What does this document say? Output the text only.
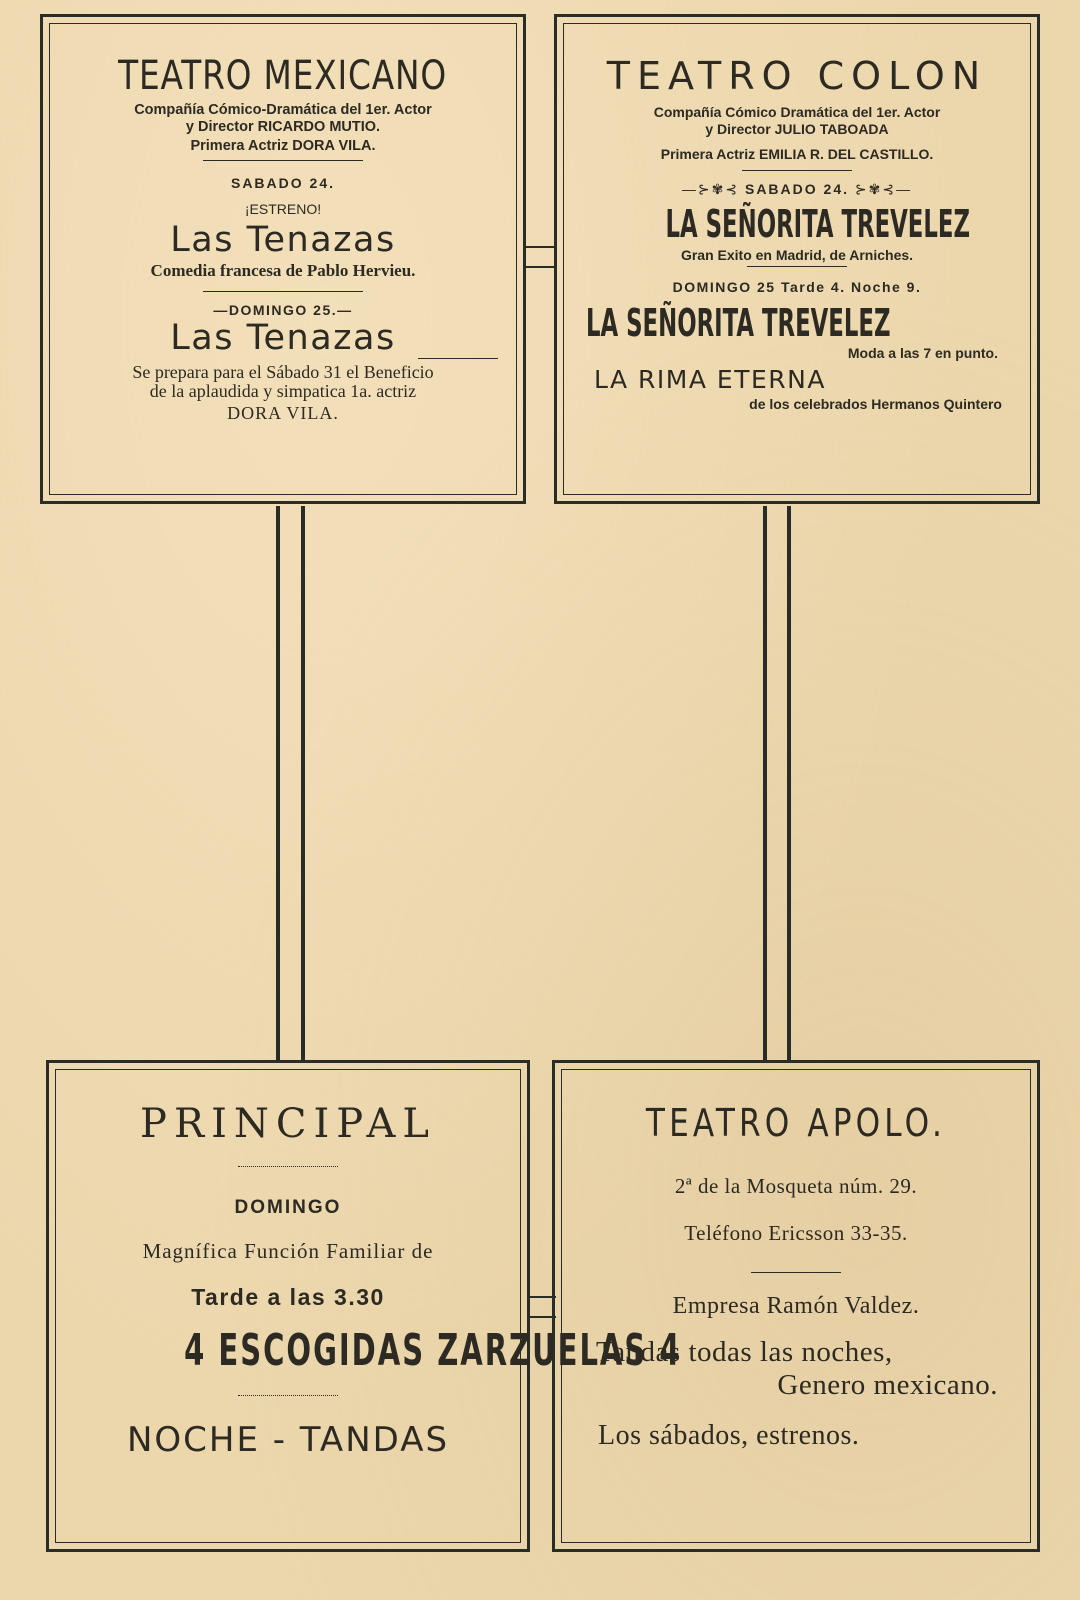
TEATRO MEXICANO

Compañía Cómico-Dramática del 1er. Actor

y Director RICARDO MUTIO.

Primera Actriz DORA VILA.

SABADO 24.

¡ESTRENO!

Las Tenazas

Comedia francesa de Pablo Hervieu.

—DOMINGO 25.—

Las Tenazas

Se prepara para el Sábado 31 el Beneficio

de la aplaudida y simpatica 1a. actriz

DORA VILA.

TEATRO COLON

Compañía Cómico Dramática del 1er. Actor

y Director JULIO TABOADA

Primera Actriz EMILIA R. DEL CASTILLO.

—⊱✾⊰ SABADO 24. ⊱✾⊰—

LA SEÑORITA TREVELEZ

Gran Exito en Madrid, de Arniches.

DOMINGO 25 Tarde 4. Noche 9.

LA SEÑORITA TREVELEZ

Moda a las 7 en punto.

LA RIMA ETERNA

de los celebrados Hermanos Quintero

PRINCIPAL

DOMINGO

Magnífica Función Familiar de

Tarde a las 3.30

4 ESCOGIDAS ZARZUELAS 4

NOCHE - TANDAS

TEATRO APOLO.

2ª de la Mosqueta núm. 29.

Teléfono Ericsson 33-35.

Empresa Ramón Valdez.

Tandas todas las noches,

Genero mexicano.

Los sábados, estrenos.
